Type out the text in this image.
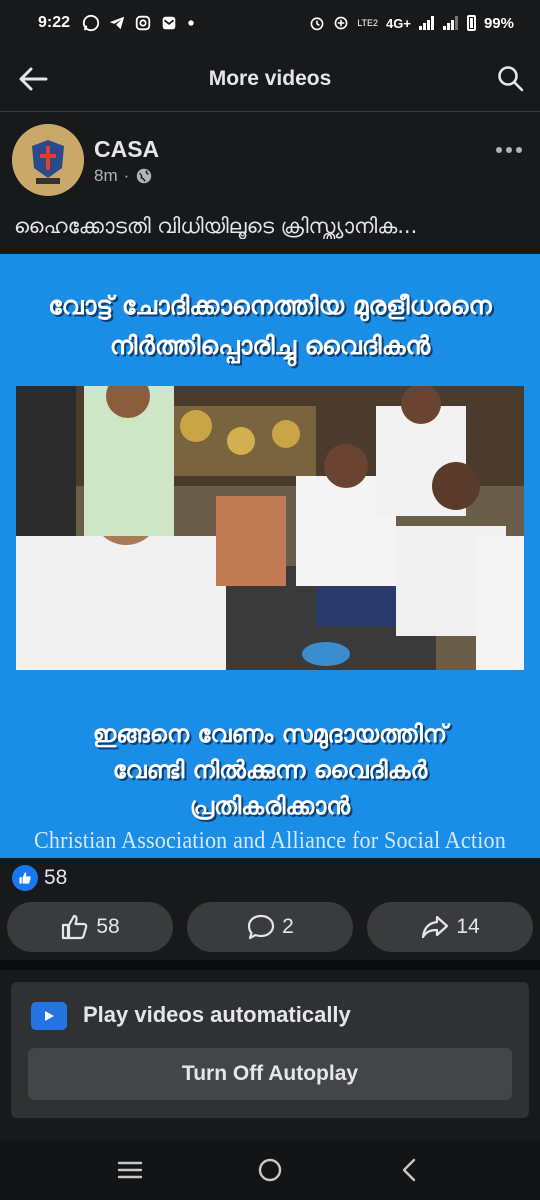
9:22	LTE2 4G+	99%
More videos
CASA
8m ·
ഹൈക്കോടതി വിധിയിലൂടെ ക്രിസ്ത്യാനിക...
വോട്ട് ചോദിക്കാനെത്തിയ മുരളീധരനെ
നിർത്തിപ്പൊരിച്ചു വൈദികൻ
ഇങ്ങനെ വേണം സമുദായത്തിന്
വേണ്ടി നിൽക്കുന്ന വൈദികർ
പ്രതികരിക്കാൻ
Christian Association and Alliance for Social Action
58
58	2	14
Play videos automatically
Turn Off Autoplay
